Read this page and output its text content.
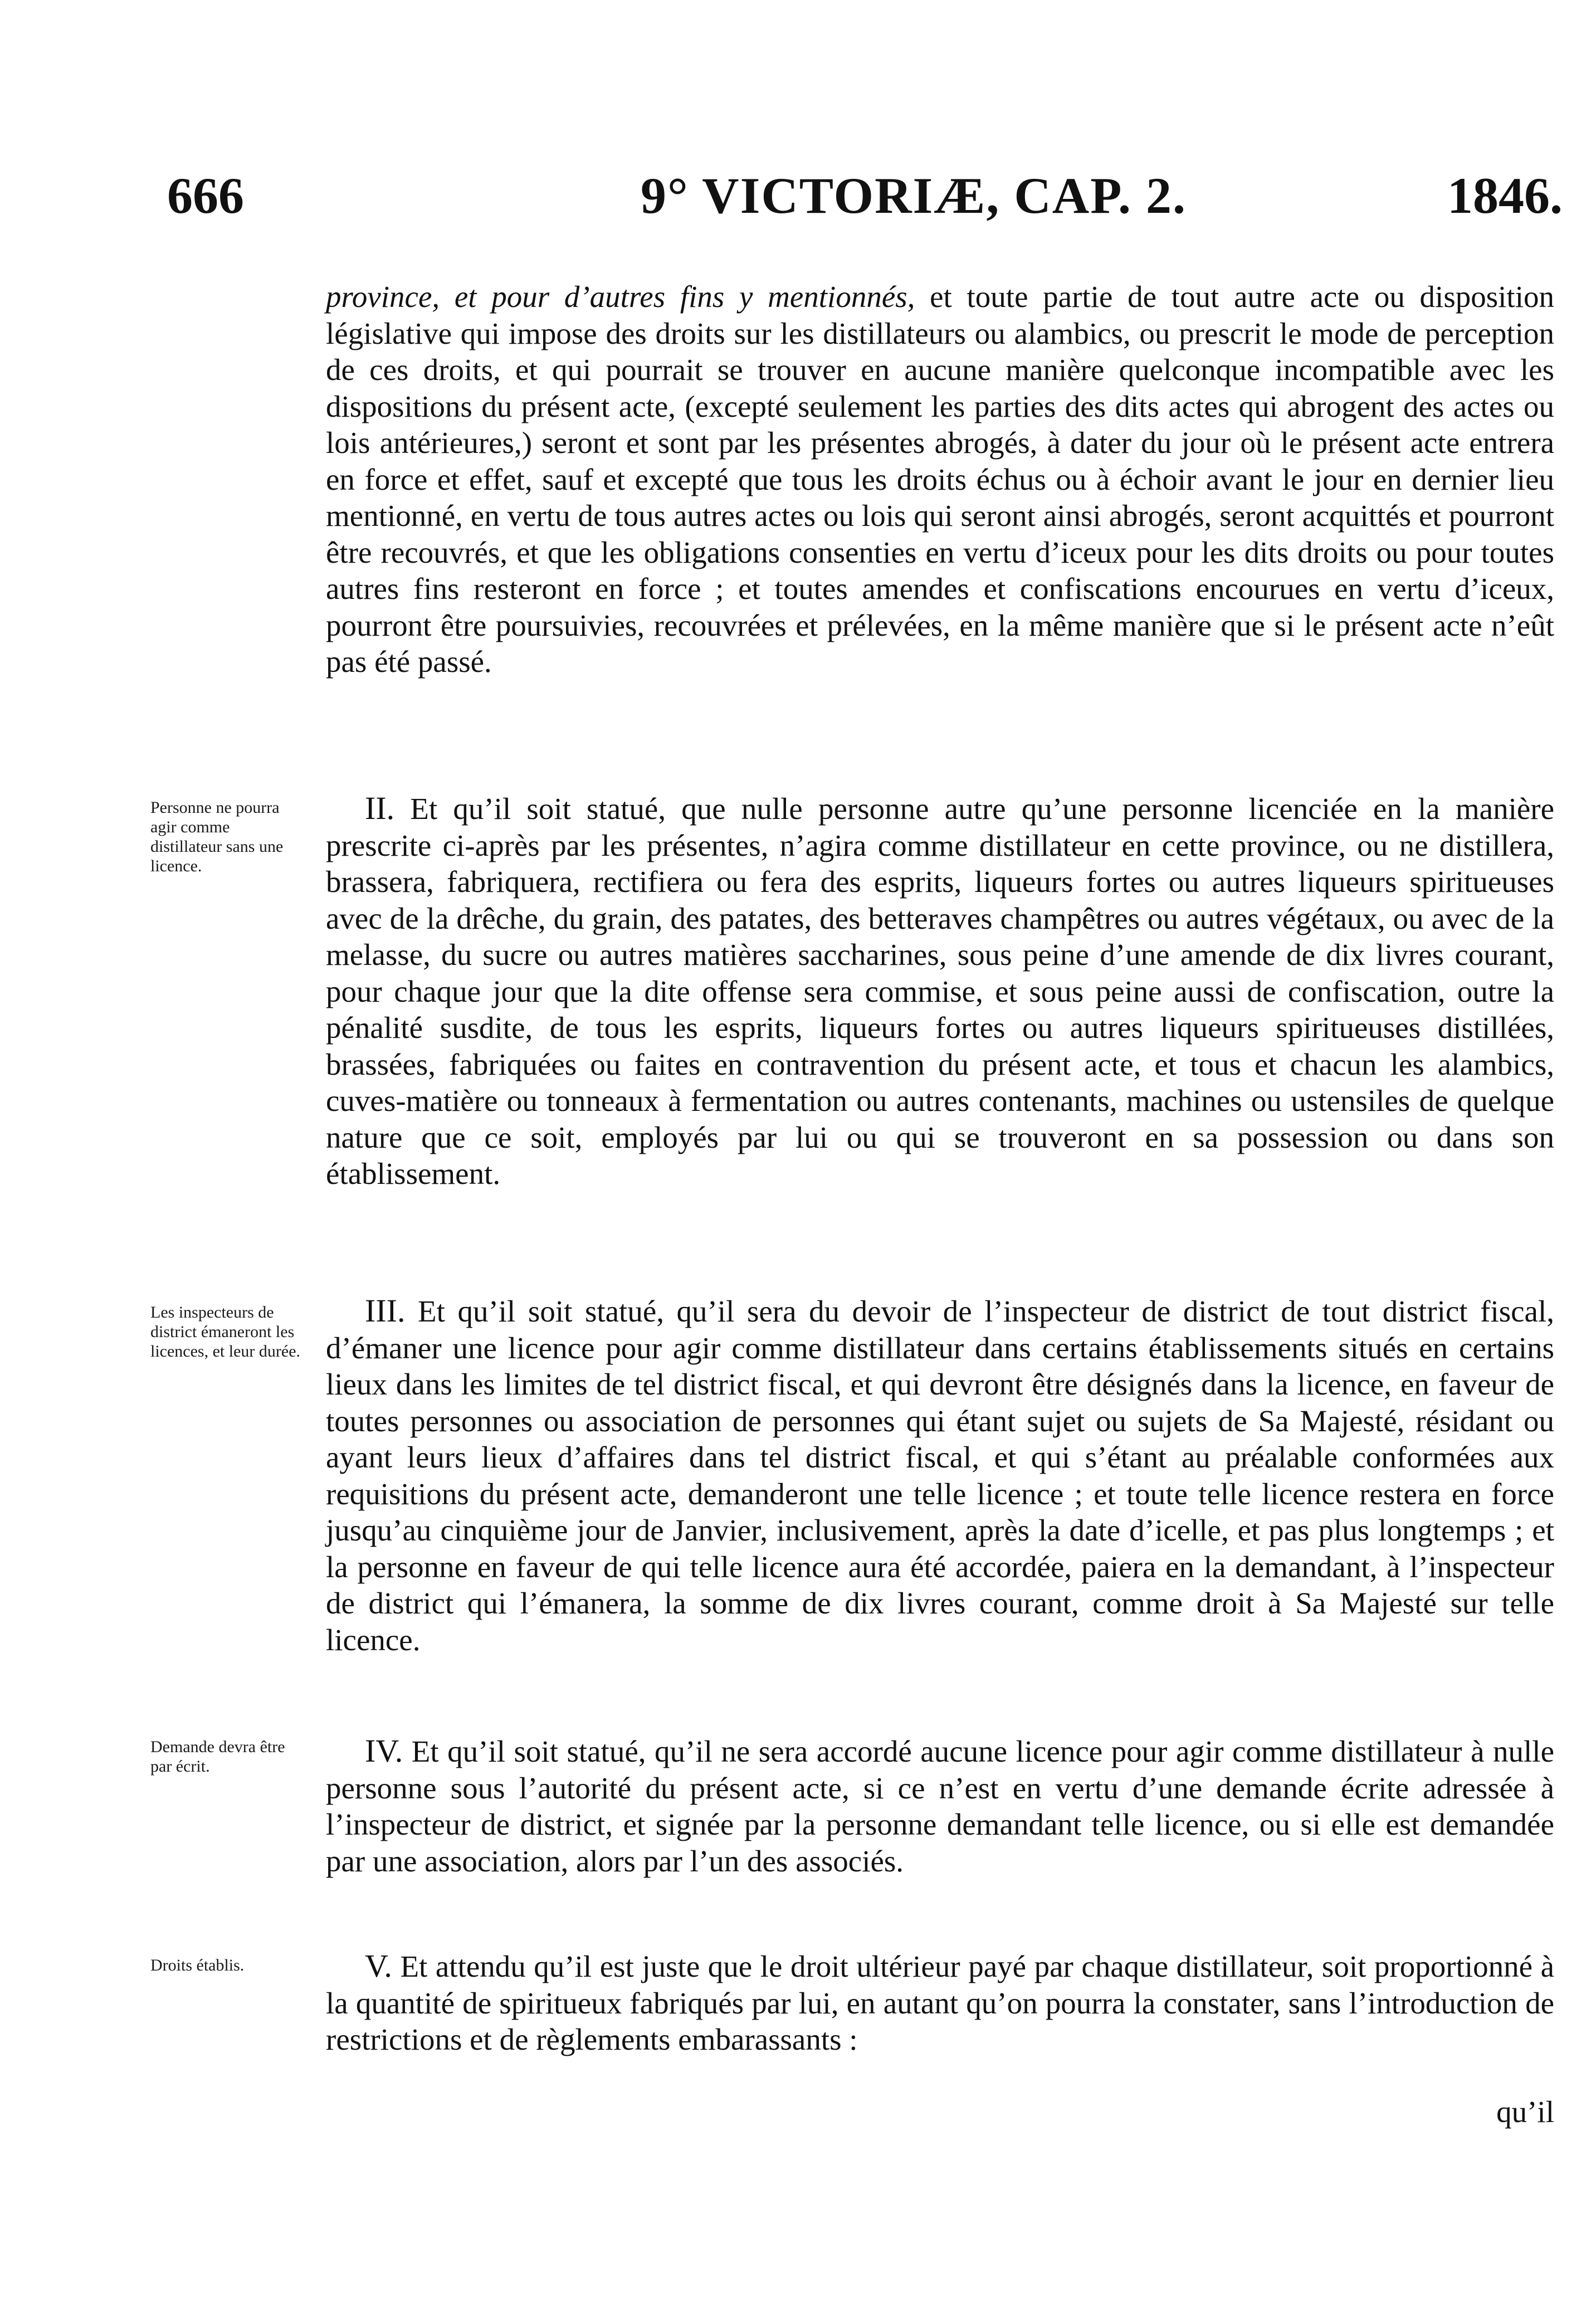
666	9° VICTORIÆ, CAP. 2.	1846.

province, et pour d’autres fins y mentionnés, et toute partie de tout autre acte ou disposition législative qui impose des droits sur les distillateurs ou alambics, ou prescrit le mode de perception de ces droits, et qui pourrait se trouver en aucune manière quelconque incompatible avec les dispositions du présent acte, (excepté seulement les parties des dits actes qui abrogent des actes ou lois antérieures,) seront et sont par les présentes abrogés, à dater du jour où le présent acte entrera en force et effet, sauf et excepté que tous les droits échus ou à échoir avant le jour en dernier lieu mentionné, en vertu de tous autres actes ou lois qui seront ainsi abrogés, seront acquittés et pourront être recouvrés, et que les obligations consenties en vertu d’iceux pour les dits droits ou pour toutes autres fins resteront en force ; et toutes amendes et confiscations encourues en vertu d’iceux, pourront être poursuivies, recouvrées et prélevées, en la même manière que si le présent acte n’eût pas été passé.

Personne ne pourra agir comme distillateur sans une licence.

II. Et qu’il soit statué, que nulle personne autre qu’une personne licenciée en la manière prescrite ci-après par les présentes, n’agira comme distillateur en cette province, ou ne distillera, brassera, fabriquera, rectifiera ou fera des esprits, liqueurs fortes ou autres liqueurs spiritueuses avec de la drêche, du grain, des patates, des betteraves champêtres ou autres végétaux, ou avec de la melasse, du sucre ou autres matières saccharines, sous peine d’une amende de dix livres courant, pour chaque jour que la dite offense sera commise, et sous peine aussi de confiscation, outre la pénalité susdite, de tous les esprits, liqueurs fortes ou autres liqueurs spiritueuses distillées, brassées, fabriquées ou faites en contravention du présent acte, et tous et chacun les alambics, cuves-matière ou tonneaux à fermentation ou autres contenants, machines ou ustensiles de quelque nature que ce soit, employés par lui ou qui se trouveront en sa possession ou dans son établissement.

Les inspecteurs de district émaneront les licences, et leur durée.

III. Et qu’il soit statué, qu’il sera du devoir de l’inspecteur de district de tout district fiscal, d’émaner une licence pour agir comme distillateur dans certains établissements situés en certains lieux dans les limites de tel district fiscal, et qui devront être désignés dans la licence, en faveur de toutes personnes ou association de personnes qui étant sujet ou sujets de Sa Majesté, résidant ou ayant leurs lieux d’affaires dans tel district fiscal, et qui s’étant au préalable conformées aux requisitions du présent acte, demanderont une telle licence ; et toute telle licence restera en force jusqu’au cinquième jour de Janvier, inclusivement, après la date d’icelle, et pas plus longtemps ; et la personne en faveur de qui telle licence aura été accordée, paiera en la demandant, à l’inspecteur de district qui l’émanera, la somme de dix livres courant, comme droit à Sa Majesté sur telle licence.

Demande devra être par écrit.	IV. Et qu’il soit statué, qu’il ne sera accordé aucune licence pour agir comme distillateur à nulle personne sous l’autorité du présent acte, si ce n’est en vertu d’une demande écrite adressée à l’inspecteur de district, et signée par la personne demandant telle licence, ou si elle est demandée par une association, alors par l’un des associés.

Droits établis.	V. Et attendu qu’il est juste que le droit ultérieur payé par chaque distillateur, soit proportionné à la quantité de spiritueux fabriqués par lui, en autant qu’on pourra la constater, sans l’introduction de restrictions et de règlements embarassants :

qu’il
